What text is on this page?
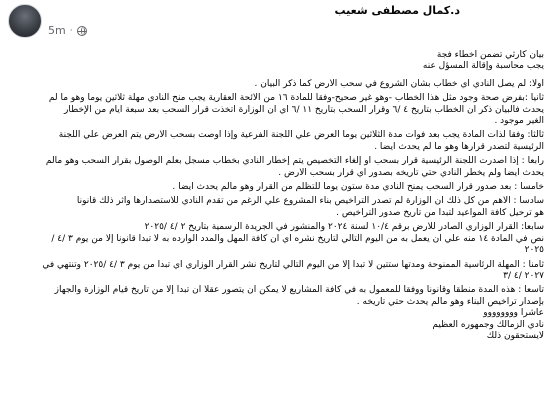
د.كمال مصطفى شعيب
5m ·
بيان كارثي تضمن أخطاء فجة
يجب محاسبة وإقالة المسؤل عنه
أولا: لم يصل النادي أي خطاب بشأن الشروع في سحب الأرض كما ذكر البيان .
ثانيا :بفرض صحة وجود مثل هذا الخطاب -وهو غير صحيح-وفقا للمادة ١٦ من الائحة العقارية يجب منح النادي مهلة ثلاثين يوما وهو ما لم
يحدث فالبيان ذكر أن الخطاب بتاريخ ٤ /٦ وقرار السحب بتاريخ ١١ /٦ أي أن الوزارة اتخذت قرار السحب بعد سبعة أيام من الإخطار
الغير موجود .
ثالثا: وفقا لذات المادة يجب بعد فوات مدة الثلاثين يوما العرض علي اللجنة الفرعية وإذا أوصت بسحب الأرض يتم العرض علي اللجنة
الرئيسية لتصدر قرارها وهو ما لم يحدث أيضا .
رابعا : إذا أصدرت اللجنة الرئيسية قرار بسحب أو إلغاء التخصيص يتم إخطار النادي بخطاب مسجل بعلم الوصول بقرار السحب وهو مالم
يحدث أيضا ولم يخطر النادي حتي تاريخه بصدور أي قرار بسحب الأرض .
خامسا : بعد صدور قرار السحب يمنح النادي مدة ستون يوما للتظلم من القرار وهو مالم يحدث أيضا .
سادسا : الأهم من كل ذلك أن الوزارة لم تصدر التراخيص بناء المشروع علي الرغم من تقدم النادي للاستصدارها وأثر ذلك قانونا
هو ترحيل كافة المواعيد لتبدأ من تاريخ صدور التراخيص .
سابعا: القرار الوزاري الصادر للأرض برقم ١٠/٤ لسنة ٢٠٢٤ والمنشور في الجريدة الرسمية بتاريخ ٢ /٤ /٢٠٢٥
نص في المادة ١٤ منه علي أن يعمل به من اليوم التالي لتاريخ نشره أي أن كافة المهل والمدد الوارده به لا تبدأ قانونا إلا من يوم ٣ /٤ /
٢٠٢٥
ثامنا : المهلة الرئاسية الممنوحة ومدتها ستتين لا تبدأ إلا من اليوم التالي لتاريخ نشر القرار الوزاري أي تبدأ من يوم ٣ /٤ /٢٠٢٥ وتنتهي في
٢٠٢٧ /٤ /٣
تاسعا : هذه المدة منطقا وقانونا ووفقا للمعمول به في كافة المشاريع لا يمكن أن يتصور عقلا أن تبدأ إلا من تاريخ قيام الوزارة والجهاز
بإصدار تراخيص البناء وهو مالم يحدث حتي تاريخه .
عاشرا وووووووو
نادي الزمالك وجمهوره العظيم
لايستحقون ذلك
